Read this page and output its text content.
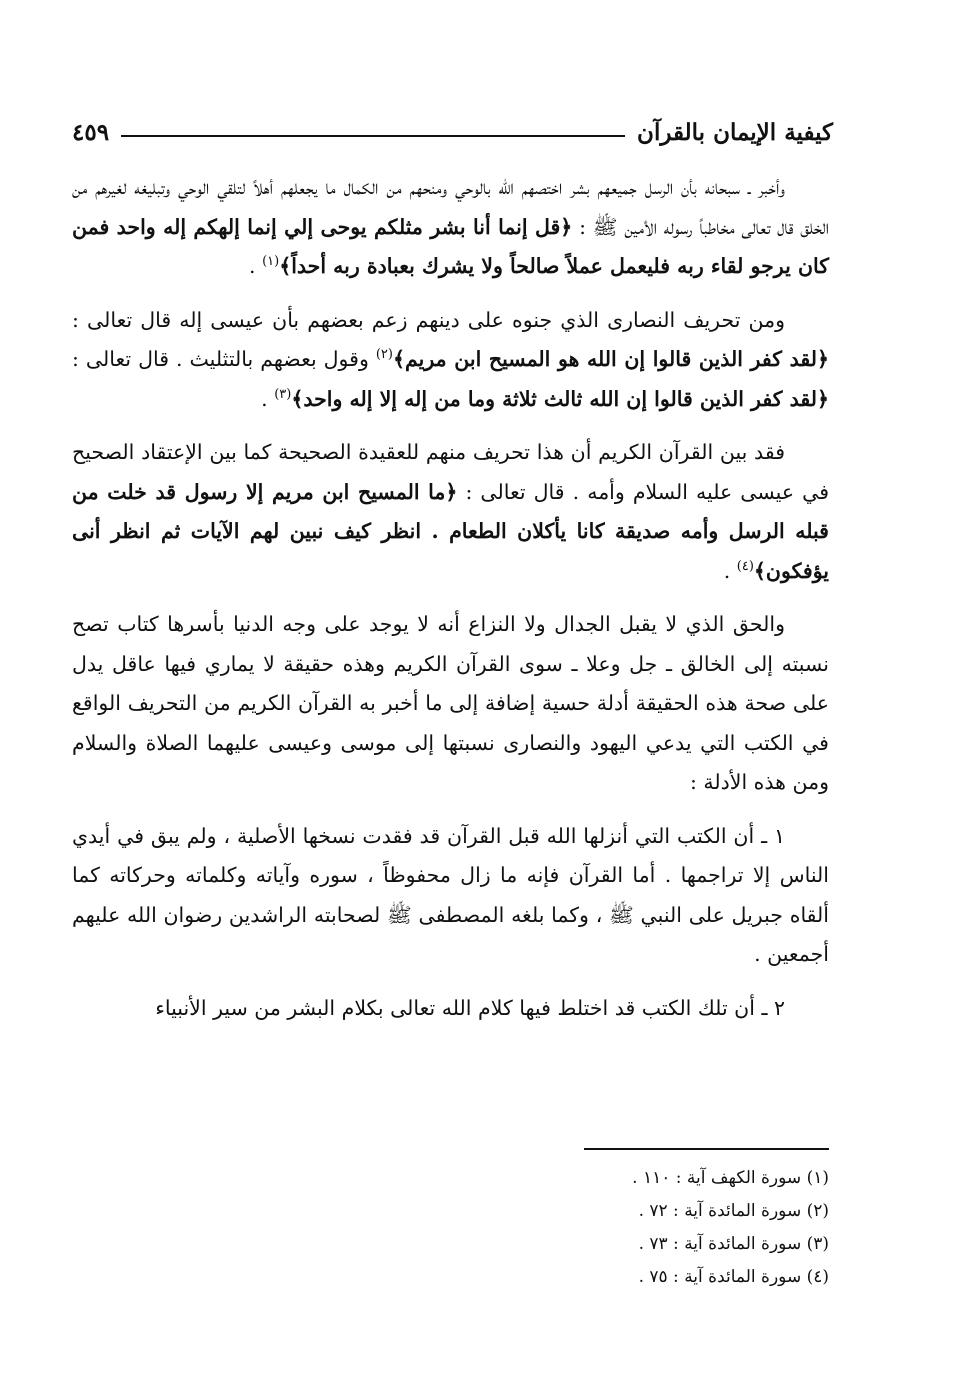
كيفية الإيمان بالقرآن
٤٥٩

وأخبر ـ سبحانه بأن الرسل جميعهم بشر اختصهم الله بالوحي ومنحهم من الكمال ما يجعلهم أهلاً لتلقي الوحي وتبليغه لغيرهم من الخلق قال تعالى مخاطباً رسوله الأمين ﷺ : ﴿قل إنما أنا بشر مثلكم يوحى إلي إنما إلهكم إله واحد فمن كان يرجو لقاء ربه فليعمل عملاً صالحاً ولا يشرك بعبادة ربه أحداً﴾$^{(١)}$ .

ومن تحريف النصارى الذي جنوه على دينهم زعم بعضهم بأن عيسى إله قال تعالى : ﴿لقد كفر الذين قالوا إن الله هو المسيح ابن مريم﴾$^{(٢)}$ وقول بعضهم بالتثليث . قال تعالى : ﴿لقد كفر الذين قالوا إن الله ثالث ثلاثة وما من إله إلا إله واحد﴾$^{(٣)}$ .

فقد بين القرآن الكريم أن هذا تحريف منهم للعقيدة الصحيحة كما بين الإعتقاد الصحيح في عيسى عليه السلام وأمه . قال تعالى : ﴿ما المسيح ابن مريم إلا رسول قد خلت من قبله الرسل وأمه صديقة كانا يأكلان الطعام . انظر كيف نبين لهم الآيات ثم انظر أنى يؤفكون﴾$^{(٤)}$ .

والحق الذي لا يقبل الجدال ولا النزاع أنه لا يوجد على وجه الدنيا بأسرها كتاب تصح نسبته إلى الخالق ـ جل وعلا ـ سوى القرآن الكريم وهذه حقيقة لا يماري فيها عاقل يدل على صحة هذه الحقيقة أدلة حسية إضافة إلى ما أخبر به القرآن الكريم من التحريف الواقع في الكتب التي يدعي اليهود والنصارى نسبتها إلى موسى وعيسى عليهما الصلاة والسلام ومن هذه الأدلة :

١ ـ أن الكتب التي أنزلها الله قبل القرآن قد فقدت نسخها الأصلية ، ولم يبق في أيدي الناس إلا تراجمها . أما القرآن فإنه ما زال محفوظاً ، سوره وآياته وكلماته وحركاته كما ألقاه جبريل على النبي ﷺ ، وكما بلغه المصطفى ﷺ لصحابته الراشدين رضوان الله عليهم أجمعين .

٢ ـ أن تلك الكتب قد اختلط فيها كلام الله تعالى بكلام البشر من سير الأنبياء

(١) سورة الكهف آية : ١١٠ .
(٢) سورة المائدة آية : ٧٢ .
(٣) سورة المائدة آية : ٧٣ .
(٤) سورة المائدة آية : ٧٥ .
